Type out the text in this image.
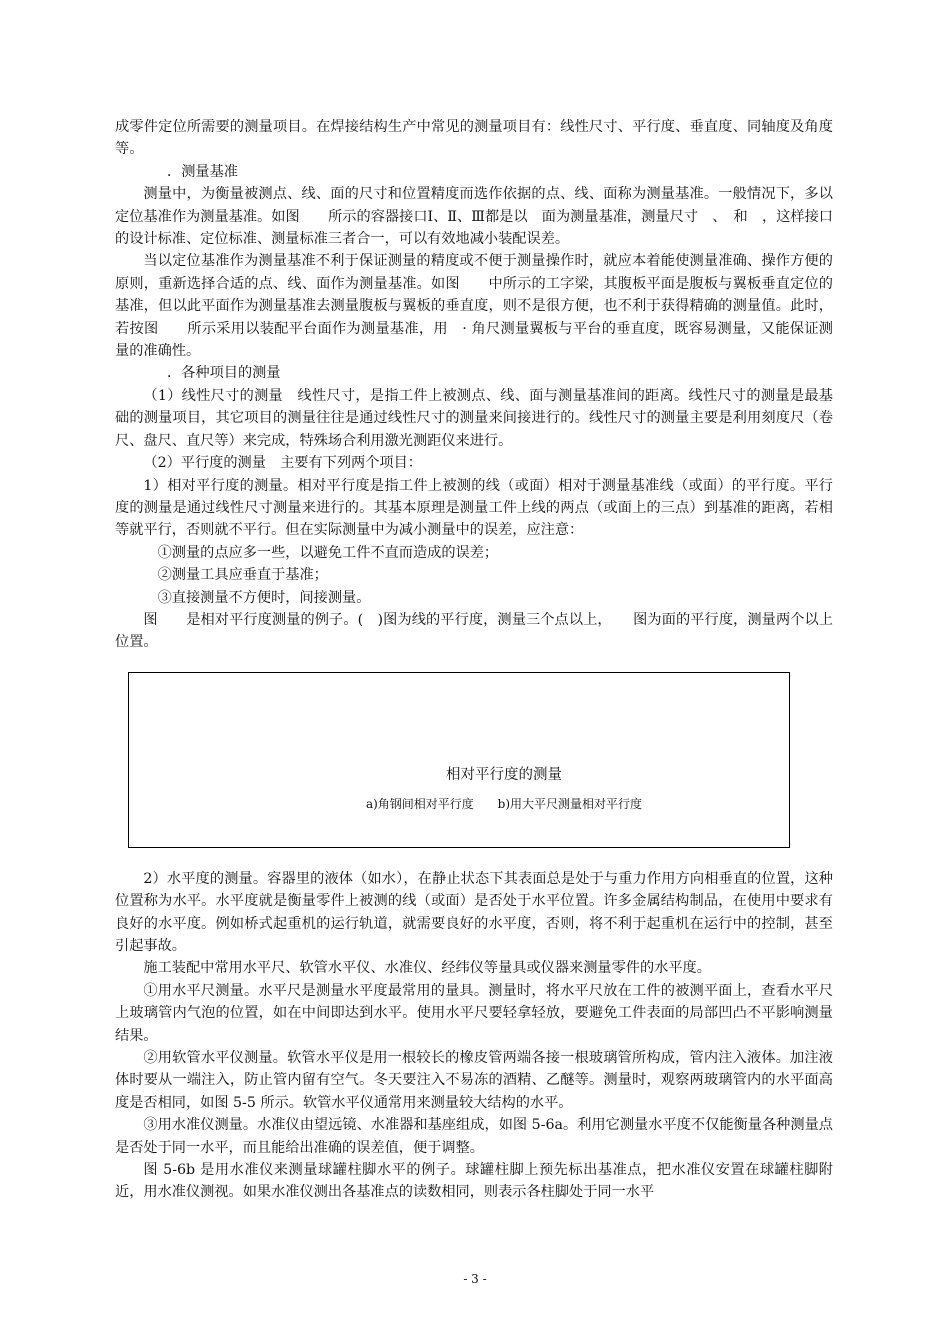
成零件定位所需要的测量项目。在焊接结构生产中常见的测量项目有：线性尺寸、平行度、垂直度、同轴度及角度等。

．测量基准

测量中，为衡量被测点、线、面的尺寸和位置精度而选作依据的点、线、面称为测量基准。一般情况下，多以定位基准作为测量基准。如图　　所示的容器接口Ⅰ、Ⅱ、Ⅲ都是以　面为测量基准，测量尺寸　、　和　，这样接口的设计标准、定位标准、测量标准三者合一，可以有效地减小装配误差。

当以定位基准作为测量基准不利于保证测量的精度或不便于测量操作时，就应本着能使测量准确、操作方便的原则，重新选择合适的点、线、面作为测量基准。如图　　中所示的工字梁，其腹板平面是腹板与翼板垂直定位的基准，但以此平面作为测量基准去测量腹板与翼板的垂直度，则不是很方便，也不利于获得精确的测量值。此时，若按图　　所示采用以装配平台面作为测量基准，用　· 角尺测量翼板与平台的垂直度，既容易测量，又能保证测量的准确性。

．各种项目的测量

（1）线性尺寸的测量　线性尺寸，是指工件上被测点、线、面与测量基准间的距离。线性尺寸的测量是最基础的测量项目，其它项目的测量往往是通过线性尺寸的测量来间接进行的。线性尺寸的测量主要是利用刻度尺（卷尺、盘尺、直尺等）来完成，特殊场合利用激光测距仪来进行。

（2）平行度的测量　主要有下列两个项目：

1）相对平行度的测量。相对平行度是指工件上被测的线（或面）相对于测量基准线（或面）的平行度。平行度的测量是通过线性尺寸测量来进行的。其基本原理是测量工件上线的两点（或面上的三点）到基准的距离，若相等就平行，否则就不平行。但在实际测量中为减小测量中的误差，应注意：

①测量的点应多一些，以避免工件不直而造成的误差；

②测量工具应垂直于基准；

③直接测量不方便时，间接测量。

图　　是相对平行度测量的例子。(　)图为线的平行度，测量三个点以上，　　图为面的平行度，测量两个以上位置。

相对平行度的测量
a)角钢间相对平行度 b)用大平尺测量相对平行度

2）水平度的测量。容器里的液体（如水），在静止状态下其表面总是处于与重力作用方向相垂直的位置，这种位置称为水平。水平度就是衡量零件上被测的线（或面）是否处于水平位置。许多金属结构制品，在使用中要求有良好的水平度。例如桥式起重机的运行轨道，就需要良好的水平度，否则，将不利于起重机在运行中的控制，甚至引起事故。

施工装配中常用水平尺、软管水平仪、水准仪、经纬仪等量具或仪器来测量零件的水平度。

①用水平尺测量。水平尺是测量水平度最常用的量具。测量时，将水平尺放在工件的被测平面上，查看水平尺上玻璃管内气泡的位置，如在中间即达到水平。使用水平尺要轻拿轻放，要避免工件表面的局部凹凸不平影响测量结果。

②用软管水平仪测量。软管水平仪是用一根较长的橡皮管两端各接一根玻璃管所构成，管内注入液体。加注液体时要从一端注入，防止管内留有空气。冬天要注入不易冻的酒精、乙醚等。测量时，观察两玻璃管内的水平面高度是否相同，如图 5-5 所示。软管水平仪通常用来测量较大结构的水平。

③用水准仪测量。水准仪由望远镜、水准器和基座组成，如图 5-6a。利用它测量水平度不仅能衡量各种测量点是否处于同一水平，而且能给出准确的误差值，便于调整。

图 5-6b 是用水准仪来测量球罐柱脚水平的例子。球罐柱脚上预先标出基准点，把水准仪安置在球罐柱脚附近，用水准仪测视。如果水准仪测出各基准点的读数相同，则表示各柱脚处于同一水平

- 3 -
